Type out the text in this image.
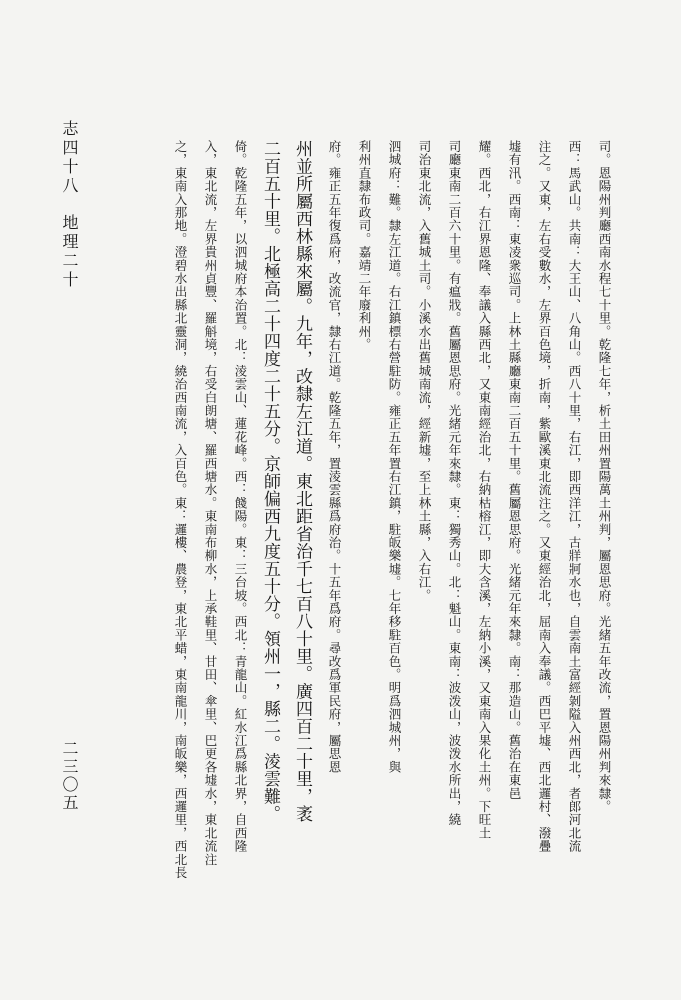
司。恩陽州判廳西南水程七十里。乾隆七年，析土田州置陽萬土州判，屬恩思府。光緒五年改流，置恩陽州判來隸。
西：馬武山。共南：大王山、八角山。西八十里，右江，即西洋江，古牂牁水也，自雲南土富經剝隘入州西北，者郎河北流
注之。又東，左右受數水，左界百色境，折南，紫歐溪東北流注之。又東經治北，屈南入奉議。西巴平墟、西北邏村、潑疊
墟有汛。西南：東凌衆巡司。上林土縣廳東南二百五十里。舊屬恩思府。光緒元年來隸。南：那造山。舊治在東邑
耀。西北，右江界恩隆、奉議入縣西北，又東南經治北，右納枯榕江，即大含溪，左納小溪，又東南入果化土州。下旺土
司廳東南二百六十里。有瘟戕。舊屬恩思府。光緒元年來隸。東：獨秀山。北：魁山。東南：波泼山，波泼水所出，繞
司治東北流，入舊城土司。小溪水出舊城南流，經新墟，至上林土縣，入右江。
泗城府：難。隸左江道。右江鎮標右營駐防。雍正五年置右江鎮，駐皈樂墟。七年移駐百色。明爲泗城州，與
利州直隸布政司。嘉靖二年廢利州。
府。雍正五年復爲府，改流官，隸右江道。乾隆五年，置淩雲縣爲府治。十五年爲府。尋改爲軍民府，屬思恩
州並所屬西林縣來屬。九年，改隸左江道。東北距省治千七百八十里。廣四百二十里，袤
二百五十里。北極高二十四度二十五分。京師偏西九度五十分。領州一，縣二。淩雲難。
倚。乾隆五年，以泗城府本治置。北：淩雲山、蓮花峰。西：餞陽。東：三台坡。西北：青龍山。紅水江爲縣北界，自西隆
入，東北流，左界貴州貞豐、羅斛境，右受白朗塘、羅西塘水。東南布柳水，上承鞋里、甘田、傘里、巴更各墟水，東北流注
之，東南入那地。澄碧水出縣北靈洞，繞治西南流，入百色。東：邏樓、農登，東北平蜡，東南龍川，南皈樂，西邏里，西北長
志四十八地理二十
二三〇五
